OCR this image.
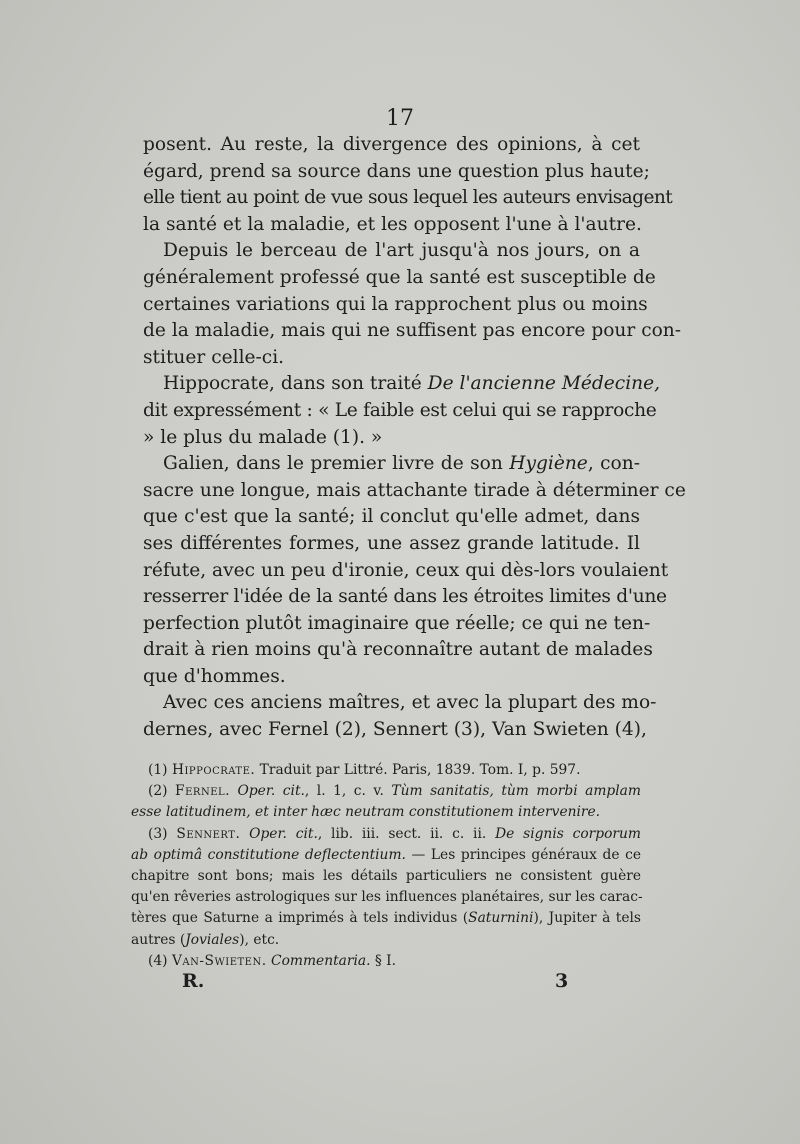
17
posent. Au reste, la divergence des opinions, à cet
égard, prend sa source dans une question plus haute;
elle tient au point de vue sous lequel les auteurs envisagent
la santé et la maladie, et les opposent l'une à l'autre.
Depuis le berceau de l'art jusqu'à nos jours, on a
généralement professé que la santé est susceptible de
certaines variations qui la rapprochent plus ou moins
de la maladie, mais qui ne suffisent pas encore pour con-
stituer celle-ci.
Hippocrate, dans son traité De l'ancienne Médecine,
dit expressément : « Le faible est celui qui se rapproche
» le plus du malade (1). »
Galien, dans le premier livre de son Hygiène, con-
sacre une longue, mais attachante tirade à déterminer ce
que c'est que la santé; il conclut qu'elle admet, dans
ses différentes formes, une assez grande latitude. Il
réfute, avec un peu d'ironie, ceux qui dès-lors voulaient
resserrer l'idée de la santé dans les étroites limites d'une
perfection plutôt imaginaire que réelle; ce qui ne ten-
drait à rien moins qu'à reconnaître autant de malades
que d'hommes.
Avec ces anciens maîtres, et avec la plupart des mo-
dernes, avec Fernel (2), Sennert (3), Van Swieten (4),
(1) Hippocrate. Traduit par Littré. Paris, 1839. Tom. I, p. 597.
(2) Fernel. Oper. cit., l. 1, c. v. Tùm sanitatis, tùm morbi amplam
esse latitudinem, et inter hæc neutram constitutionem intervenire.
(3) Sennert. Oper. cit., lib. iii. sect. ii. c. ii. De signis corporum
ab optimâ constitutione deflectentium. — Les principes généraux de ce
chapitre sont bons; mais les détails particuliers ne consistent guère
qu'en rêveries astrologiques sur les influences planétaires, sur les carac-
tères que Saturne a imprimés à tels individus (Saturnini), Jupiter à tels
autres (Joviales), etc.
(4) Van-Swieten. Commentaria. § I.
R.	3
